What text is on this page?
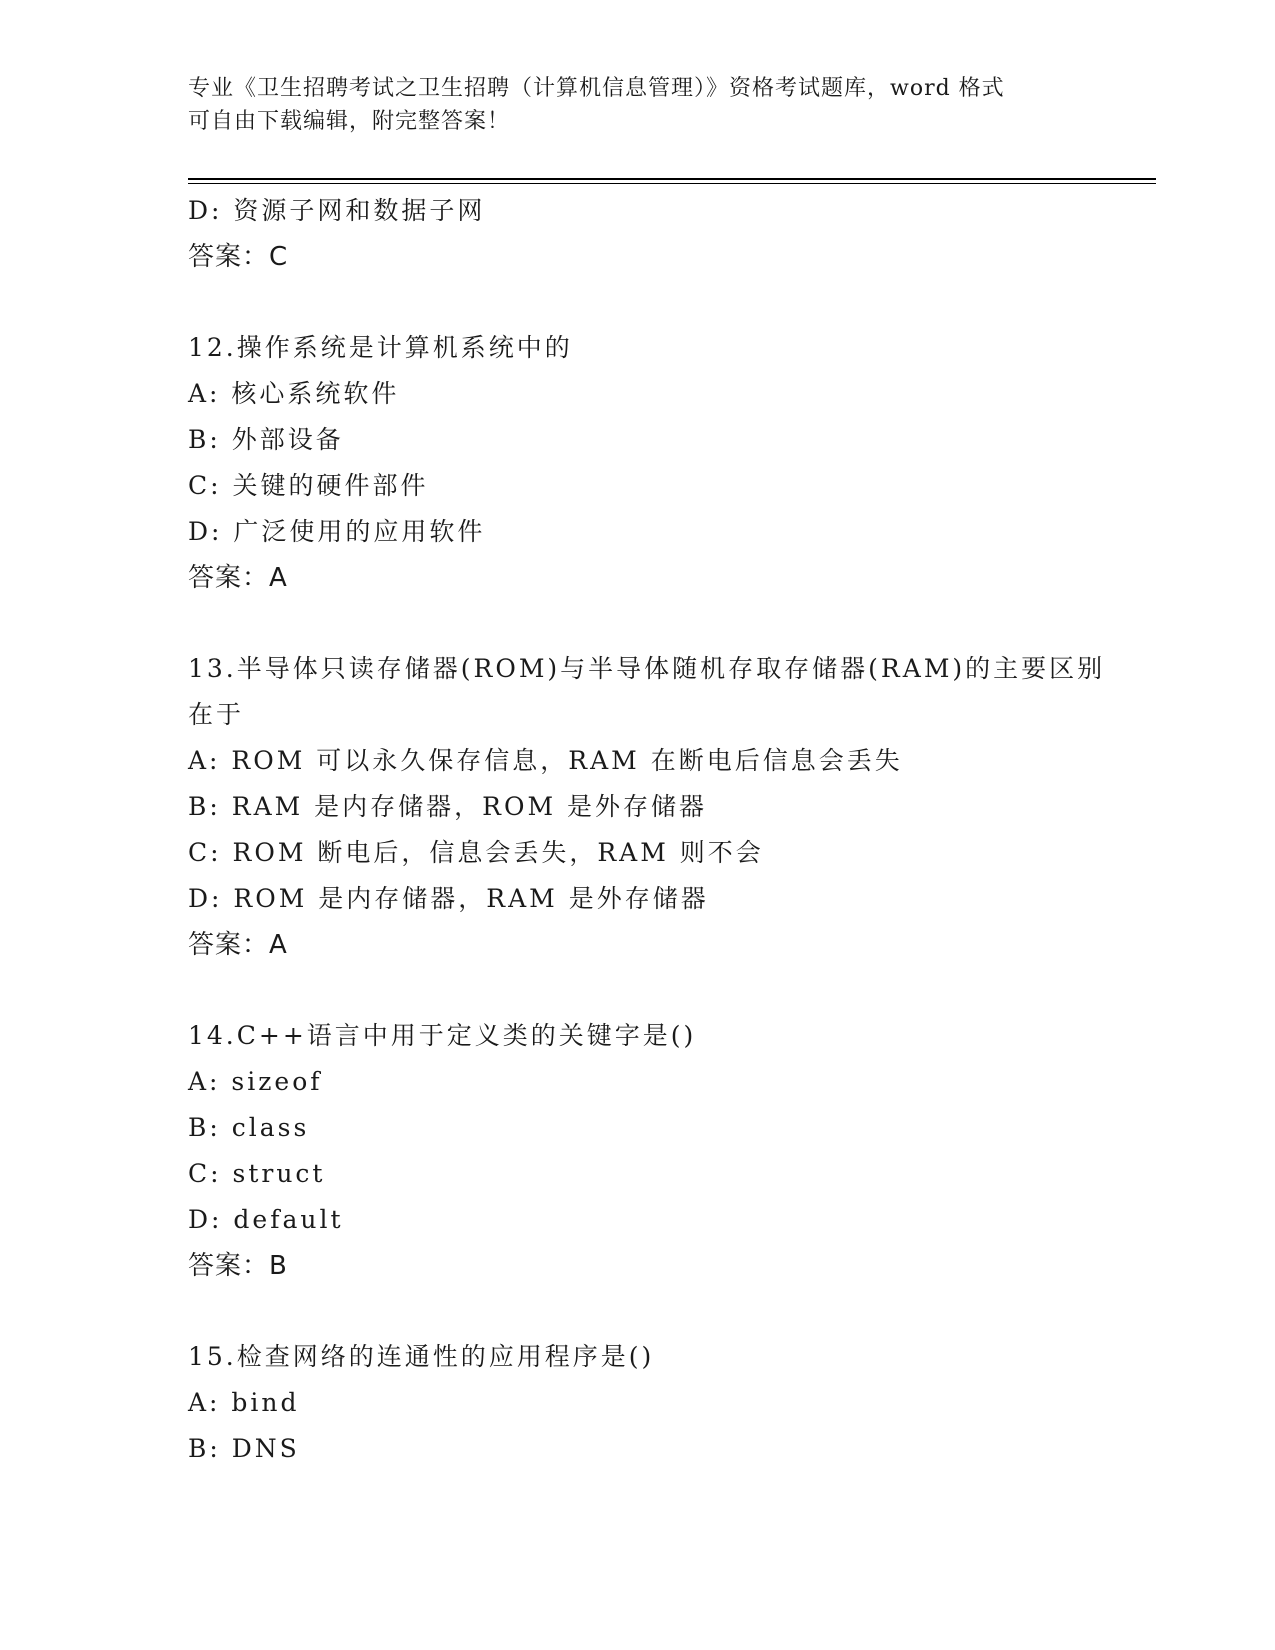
专业《卫生招聘考试之卫生招聘（计算机信息管理）》资格考试题库，word 格式
可自由下载编辑，附完整答案！
D: 资源子网和数据子网
答案：C
12.操作系统是计算机系统中的
A: 核心系统软件
B: 外部设备
C: 关键的硬件部件
D: 广泛使用的应用软件
答案：A
13.半导体只读存储器(ROM)与半导体随机存取存储器(RAM)的主要区别
在于
A: ROM 可以永久保存信息，RAM 在断电后信息会丢失
B: RAM 是内存储器，ROM 是外存储器
C: ROM 断电后，信息会丢失，RAM 则不会
D: ROM 是内存储器，RAM 是外存储器
答案：A
14.C++语言中用于定义类的关键字是()
A: sizeof
B: class
C: struct
D: default
答案：B
15.检查网络的连通性的应用程序是()
A: bind
B: DNS
